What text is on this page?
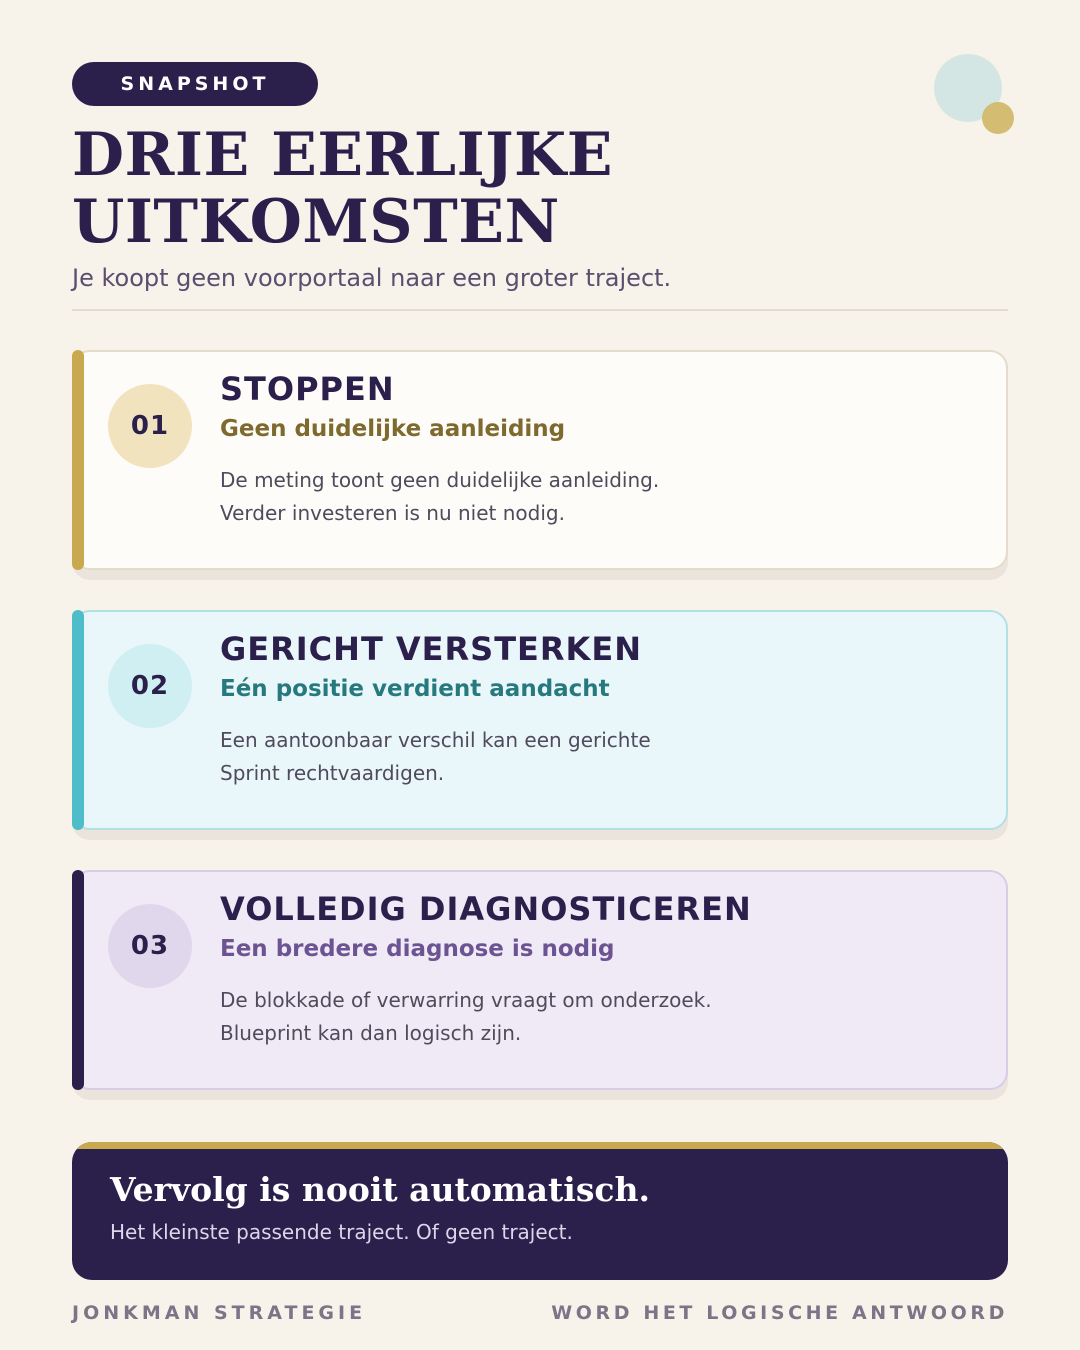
SNAPSHOT
DRIE EERLIJKE UITKOMSTEN
Je koopt geen voorportaal naar een groter traject.
01
STOPPEN
Geen duidelijke aanleiding
De meting toont geen duidelijke aanleiding.
Verder investeren is nu niet nodig.
02
GERICHT VERSTERKEN
Eén positie verdient aandacht
Een aantoonbaar verschil kan een gerichte
Sprint rechtvaardigen.
03
VOLLEDIG DIAGNOSTICEREN
Een bredere diagnose is nodig
De blokkade of verwarring vraagt om onderzoek.
Blueprint kan dan logisch zijn.
Vervolg is nooit automatisch.
Het kleinste passende traject. Of geen traject.
JONKMAN STRATEGIE	WORD HET LOGISCHE ANTWOORD
